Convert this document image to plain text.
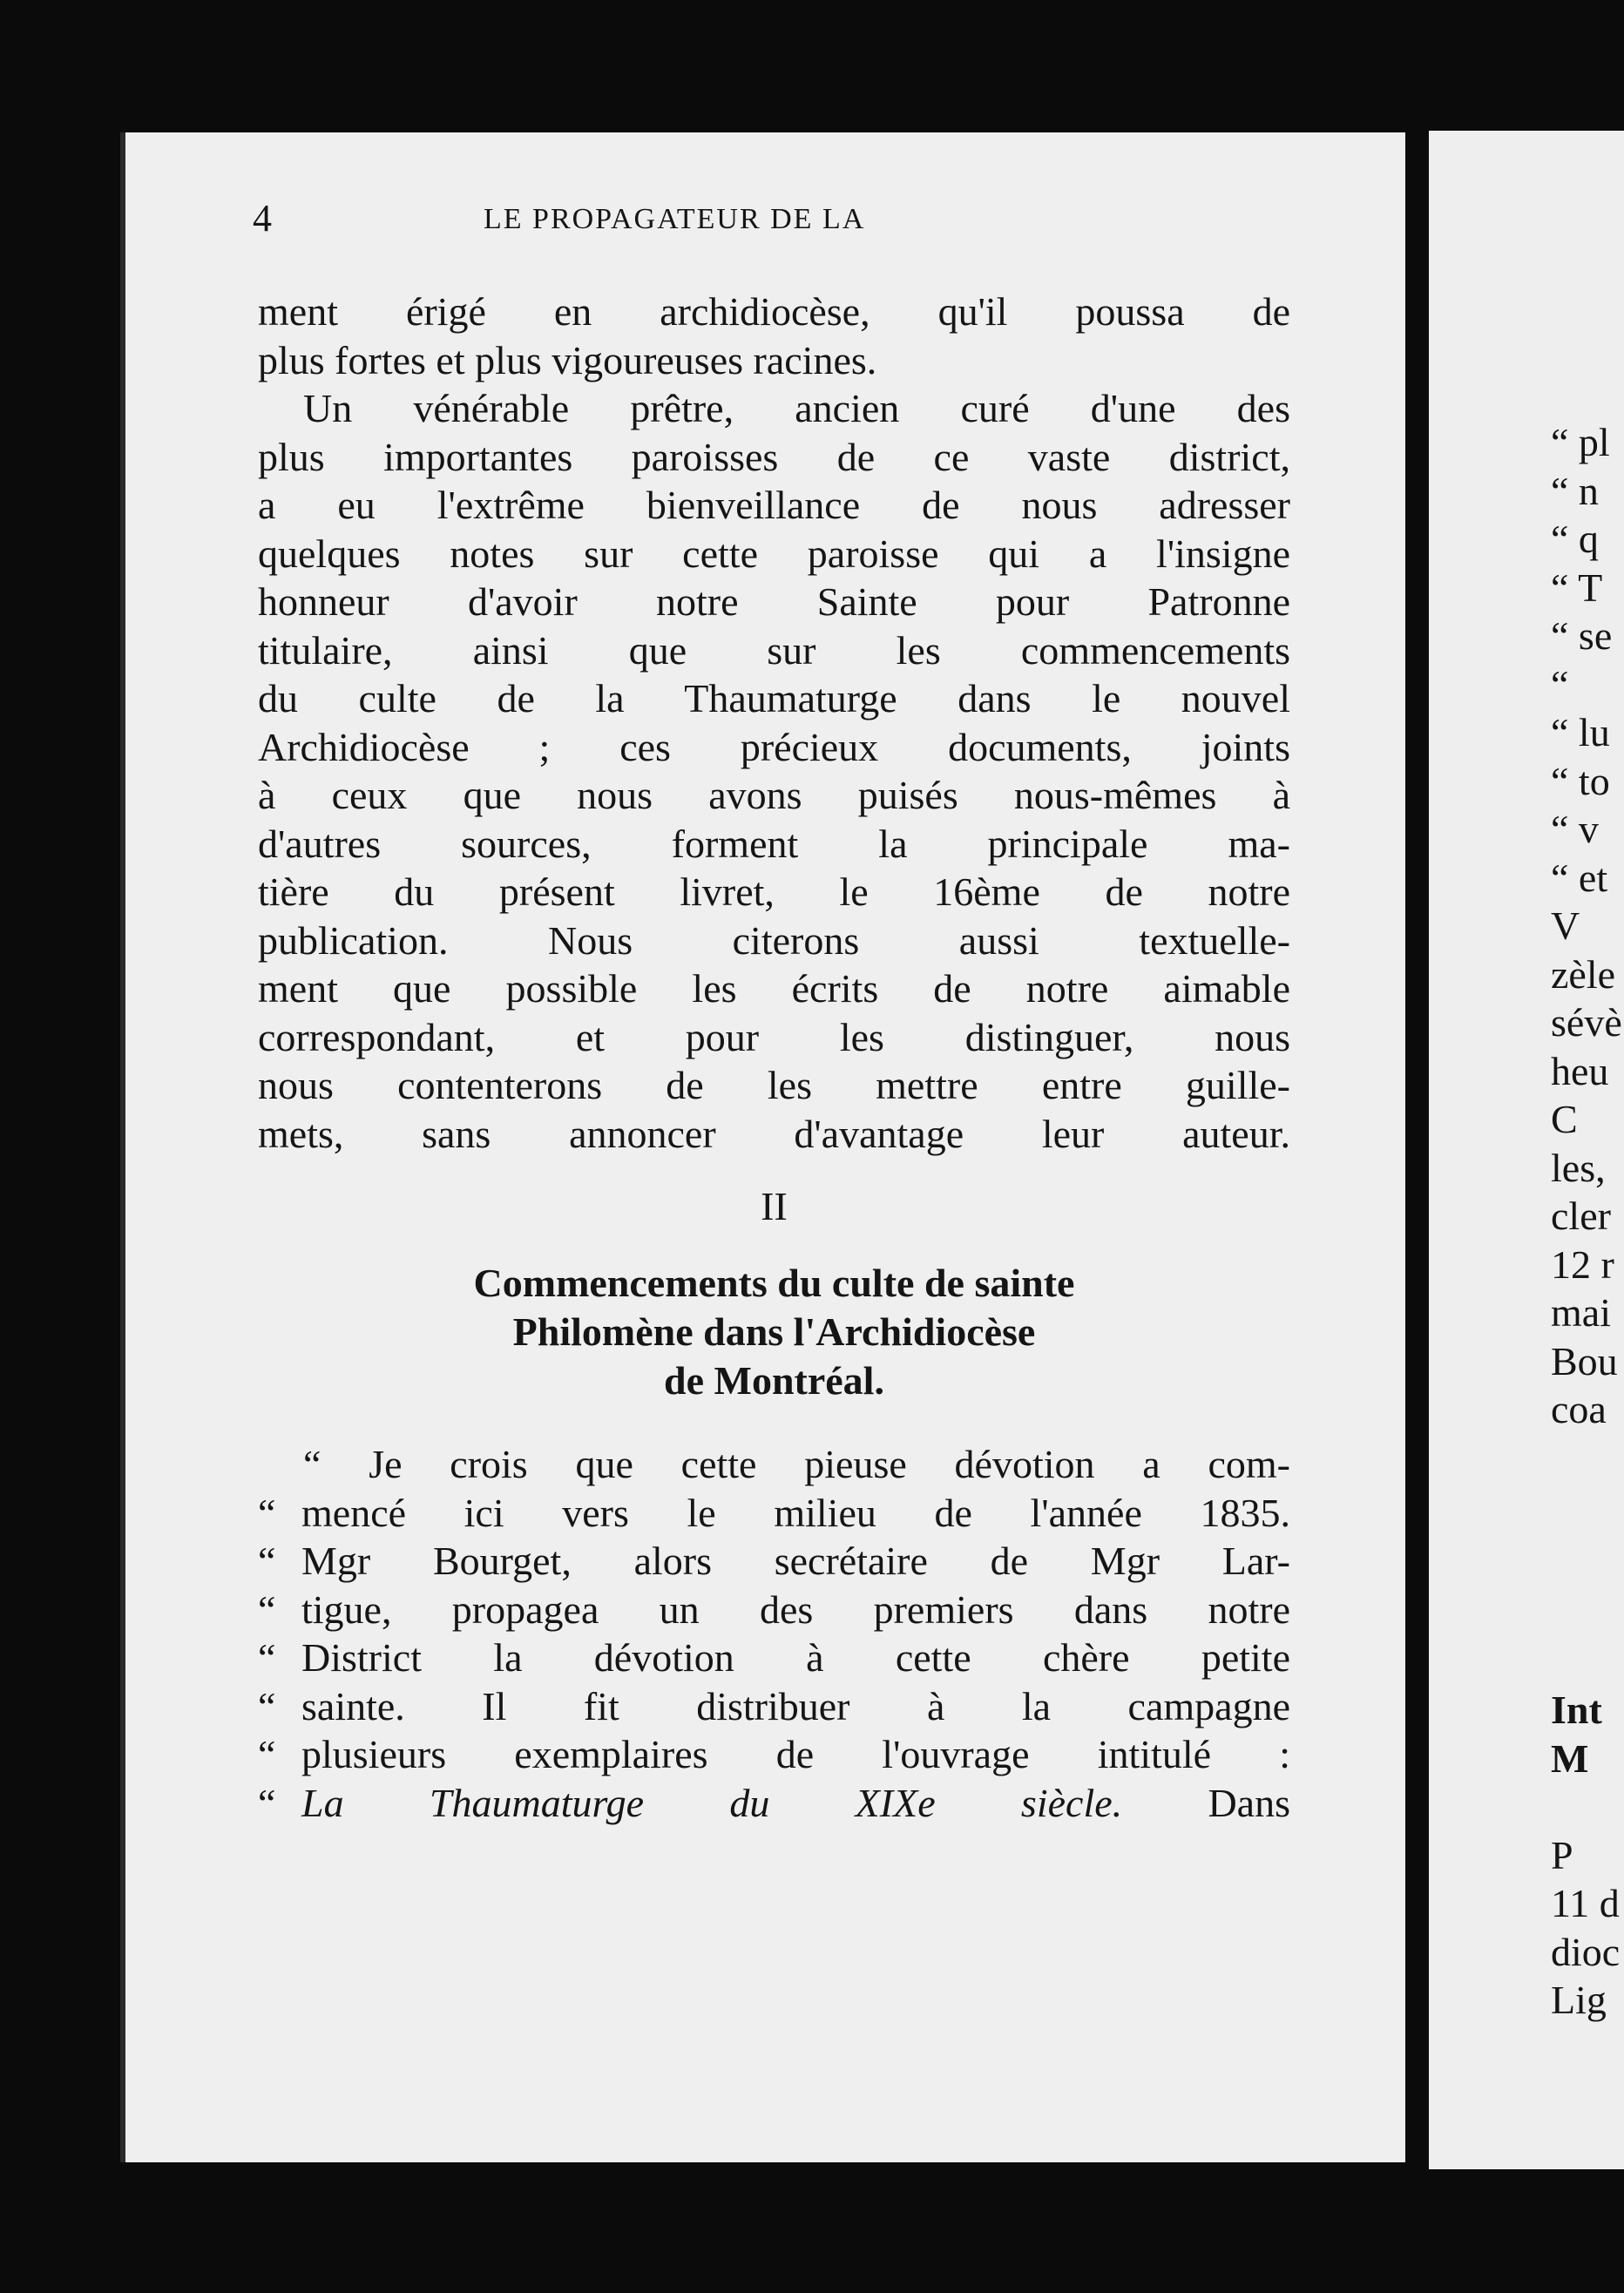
“ pl
“ n
“ q
“ T
“ se
“
“ lu
“ to
“ v
“ et
V
zèle
sévè
heu
C
les,
cler
12 r
mai
Bou
coa
Int
M
P
11 d
dioc
Lig
4	LE PROPAGATEUR DE LA
ment érigé en archidiocèse, qu'il poussa de
plus fortes et plus vigoureuses racines.
Un vénérable prêtre, ancien curé d'une des
plus importantes paroisses de ce vaste district,
a eu l'extrême bienveillance de nous adresser
quelques notes sur cette paroisse qui a l'insigne
honneur d'avoir notre Sainte pour Patronne
titulaire, ainsi que sur les commencements
du culte de la Thaumaturge dans le nouvel
Archidiocèse ; ces précieux documents, joints
à ceux que nous avons puisés nous-mêmes à
d'autres sources, forment la principale ma-
tière du présent livret, le 16ème de notre
publication. Nous citerons aussi textuelle-
ment que possible les écrits de notre aimable
correspondant, et pour les distinguer, nous
nous contenterons de les mettre entre guille-
mets, sans annoncer d'avantage leur auteur.
II
Commencements du culte de sainte
Philomène dans l'Archidiocèse
de Montréal.
“ Je crois que cette pieuse dévotion a com-
“ mencé ici vers le milieu de l'année 1835.
“ Mgr Bourget, alors secrétaire de Mgr Lar-
“ tigue, propagea un des premiers dans notre
“ District la dévotion à cette chère petite
“ sainte. Il fit distribuer à la campagne
“ plusieurs exemplaires de l'ouvrage intitulé :
“ La Thaumaturge du XIXe siècle. Dans
